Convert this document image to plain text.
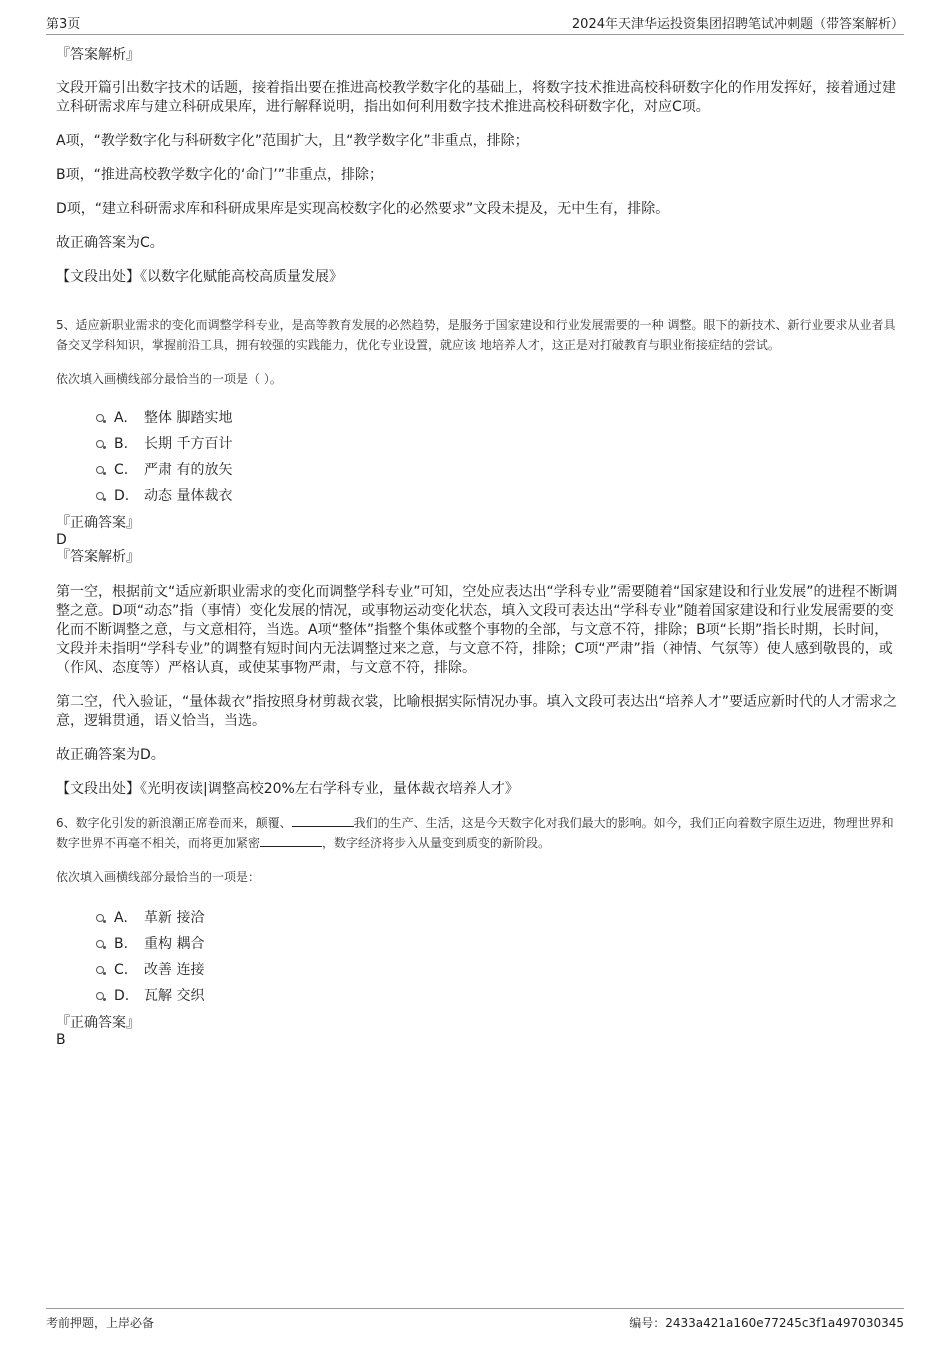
第3页	2024年天津华运投资集团招聘笔试冲刺题（带答案解析）

『答案解析』

文段开篇引出数字技术的话题，接着指出要在推进高校教学数字化的基础上，将数字技术推进高校科研数字化的作用发挥好，接着通过建立科研需求库与建立科研成果库，进行解释说明，指出如何利用数字技术推进高校科研数字化，对应C项。

A项，“教学数字化与科研数字化”范围扩大，且“教学数字化”非重点，排除；

B项，“推进高校教学数字化的‘命门’”非重点，排除；

D项，“建立科研需求库和科研成果库是实现高校数字化的必然要求”文段未提及，无中生有，排除。

故正确答案为C。

【文段出处】《以数字化赋能高校高质量发展》

5、适应新职业需求的变化而调整学科专业，是高等教育发展的必然趋势，是服务于国家建设和行业发展需要的一种 调整。眼下的新技术、新行业要求从业者具备交叉学科知识，掌握前沿工具，拥有较强的实践能力，优化专业设置，就应该 地培养人才，这正是对打破教育与职业衔接症结的尝试。

依次填入画横线部分最恰当的一项是（ ）。

A. 整体 脚踏实地
B. 长期 千方百计
C. 严肃 有的放矢
D. 动态 量体裁衣

『正确答案』

D

『答案解析』

第一空，根据前文“适应新职业需求的变化而调整学科专业”可知，空处应表达出“学科专业”需要随着“国家建设和行业发展”的进程不断调整之意。D项“动态”指（事情）变化发展的情况，或事物运动变化状态，填入文段可表达出“学科专业”随着国家建设和行业发展需要的变化而不断调整之意，与文意相符，当选。A项“整体”指整个集体或整个事物的全部，与文意不符，排除；B项“长期”指长时期，长时间，文段并未指明“学科专业”的调整有短时间内无法调整过来之意，与文意不符，排除；C项“严肃”指（神情、气氛等）使人感到敬畏的，或（作风、态度等）严格认真，或使某事物严肃，与文意不符，排除。

第二空，代入验证，“量体裁衣”指按照身材剪裁衣裳，比喻根据实际情况办事。填入文段可表达出“培养人才”要适应新时代的人才需求之意，逻辑贯通，语义恰当，当选。

故正确答案为D。

【文段出处】《光明夜读|调整高校20%左右学科专业，量体裁衣培养人才》

6、数字化引发的新浪潮正席卷而来，颠覆、	我们的生产、生活，这是今天数字化对我们最大的影响。如今，我们正向着数字原生迈进，物理世界和数字世界不再毫不相关，而将更加紧密	，数字经济将步入从量变到质变的新阶段。

依次填入画横线部分最恰当的一项是：

A. 革新 接洽
B. 重构 耦合
C. 改善 连接
D. 瓦解 交织

『正确答案』

B

考前押题，上岸必备	编号：2433a421a160e77245c3f1a497030345
